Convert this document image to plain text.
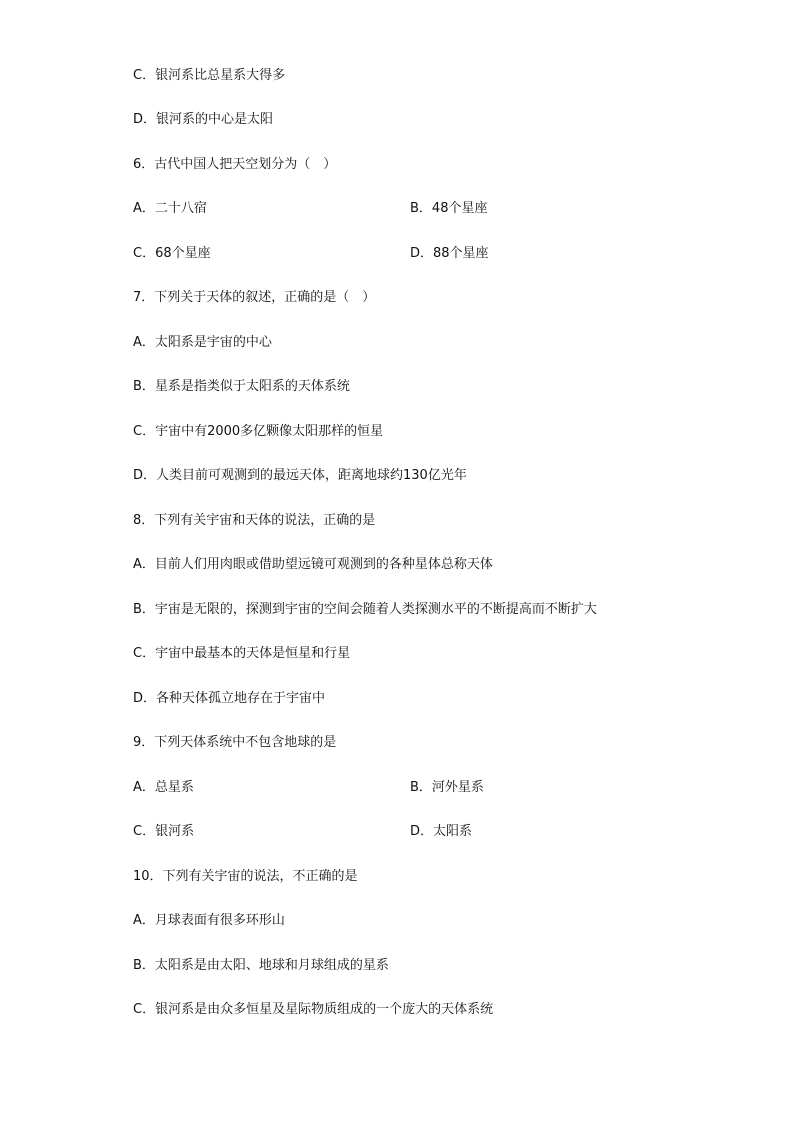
C．银河系比总星系大得多
D．银河系的中心是太阳
6．古代中国人把天空划分为（　）
A．二十八宿	B．48个星座
C．68个星座	D．88个星座
7．下列关于天体的叙述，正确的是（　）
A．太阳系是宇宙的中心
B．星系是指类似于太阳系的天体系统
C．宇宙中有2000多亿颗像太阳那样的恒星
D．人类目前可观测到的最远天体，距离地球约130亿光年
8．下列有关宇宙和天体的说法，正确的是
A．目前人们用肉眼或借助望远镜可观测到的各种星体总称天体
B．宇宙是无限的，探测到宇宙的空间会随着人类探测水平的不断提高而不断扩大
C．宇宙中最基本的天体是恒星和行星
D．各种天体孤立地存在于宇宙中
9．下列天体系统中不包含地球的是
A．总星系	B．河外星系
C．银河系	D．太阳系
10．下列有关宇宙的说法，不正确的是
A．月球表面有很多环形山
B．太阳系是由太阳、地球和月球组成的星系
C．银河系是由众多恒星及星际物质组成的一个庞大的天体系统
